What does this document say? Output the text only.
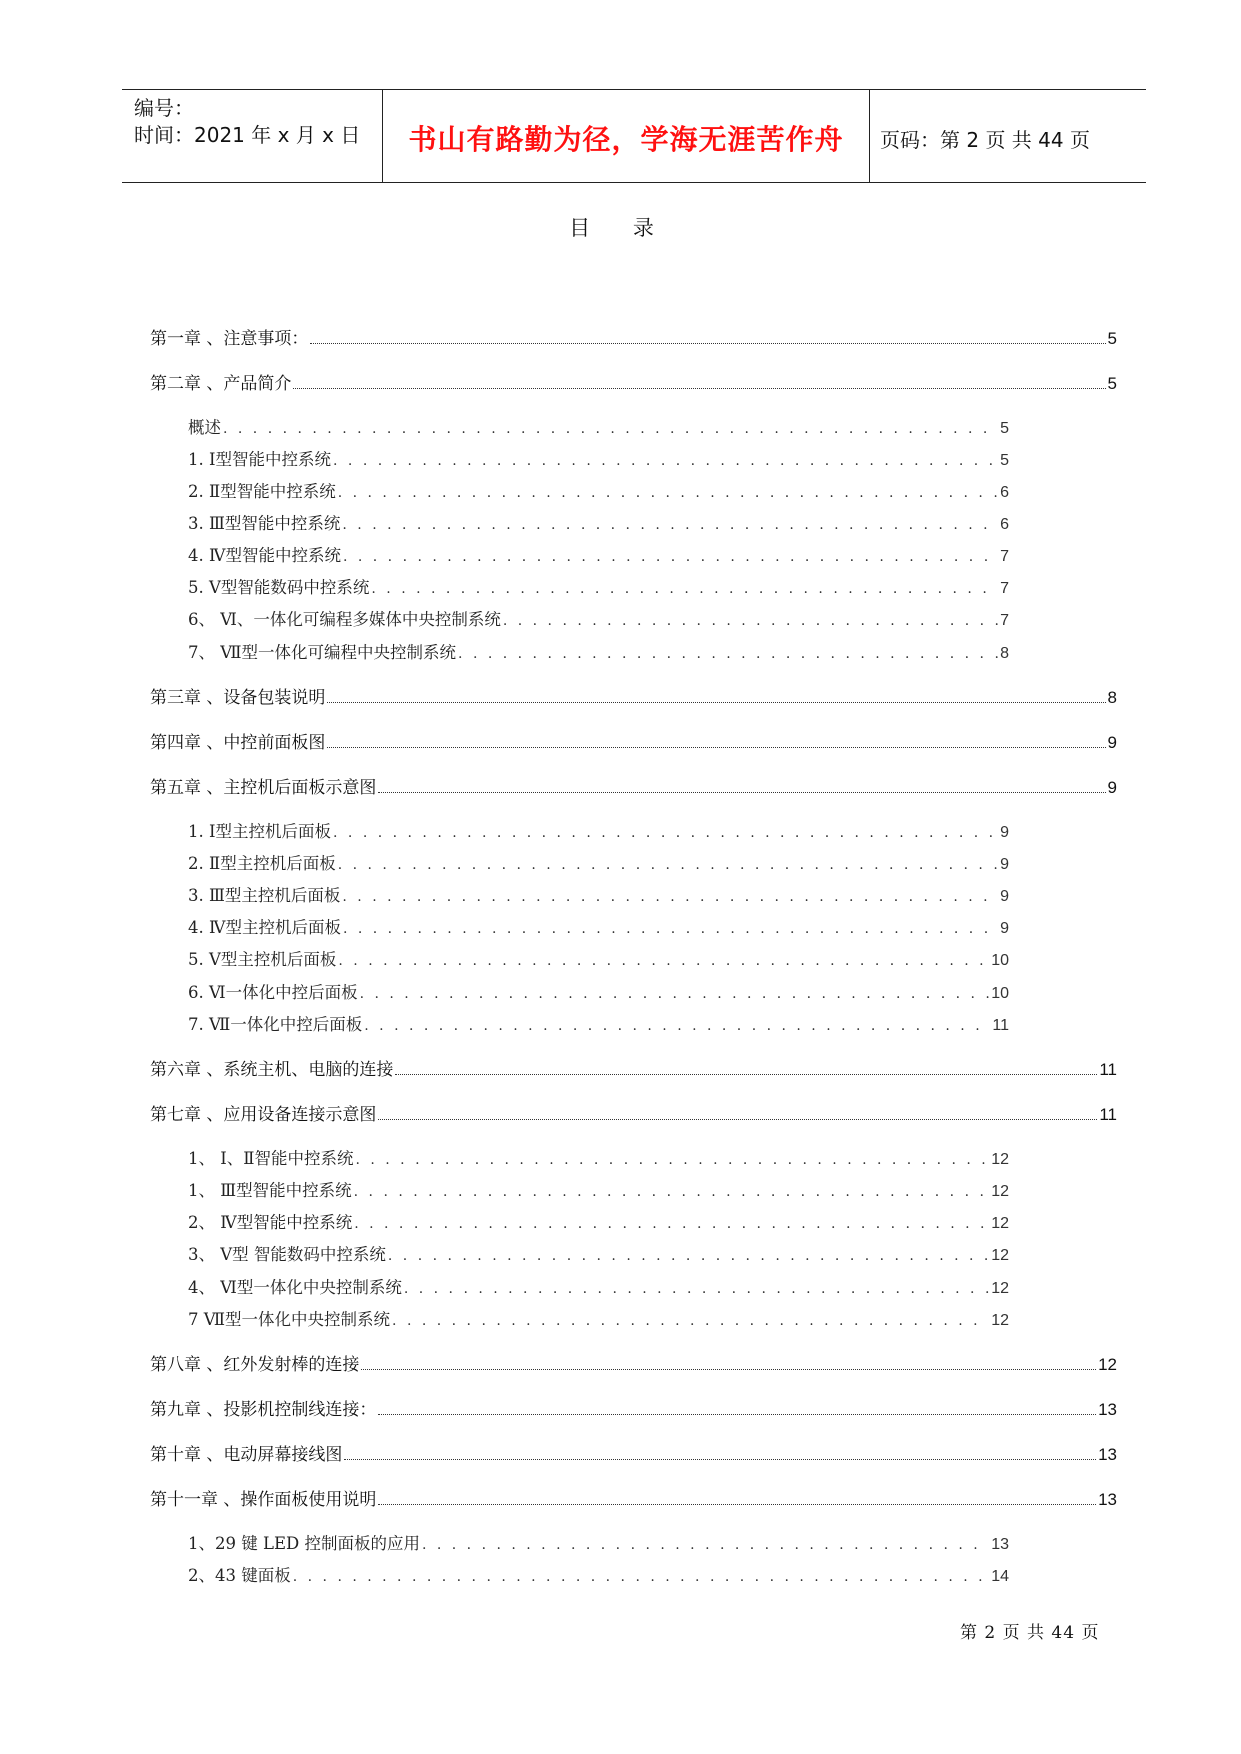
编号：
时间：2021 年 x 月 x 日	书山有路勤为径，学海无涯苦作舟	页码：第 2 页 共 44 页
目 录
第一章 、注意事项：	5
第二章 、产品简介	5
概述 . . .	5
1. Ⅰ型智能中控系统 . . .	5
2. Ⅱ型智能中控系统 . . .	6
3. Ⅲ型智能中控系统 . . .	6
4. Ⅳ型智能中控系统 . . .	7
5. Ⅴ型智能数码中控系统 . . .	7
6、 Ⅵ、一体化可编程多媒体中央控制系统 . . .	7
7、 Ⅶ型一体化可编程中央控制系统 . . .	8
第三章 、设备包装说明	8
第四章 、中控前面板图	9
第五章 、主控机后面板示意图	9
1. Ⅰ型主控机后面板 . . .	9
2. Ⅱ型主控机后面板 . . .	9
3. Ⅲ型主控机后面板 . . .	9
4. Ⅳ型主控机后面板 . . .	9
5. Ⅴ型主控机后面板 . . .	10
6. Ⅵ一体化中控后面板 . . .	10
7. Ⅶ一体化中控后面板 . . .	11
第六章 、系统主机、电脑的连接	11
第七章 、应用设备连接示意图	11
1、 Ⅰ、Ⅱ智能中控系统 . . .	12
1、 Ⅲ型智能中控系统 . . .	12
2、 Ⅳ型智能中控系统 . . .	12
3、 Ⅴ型 智能数码中控系统 . . .	12
4、 Ⅵ型一体化中央控制系统 . . .	12
7 Ⅶ型一体化中央控制系统 . . .	12
第八章 、红外发射棒的连接	12
第九章 、投影机控制线连接：	13
第十章 、电动屏幕接线图	13
第十一章 、操作面板使用说明	13
1、29 键 LED 控制面板的应用 . . .	13
2、43 键面板 . . .	14
第 2 页 共 44 页
